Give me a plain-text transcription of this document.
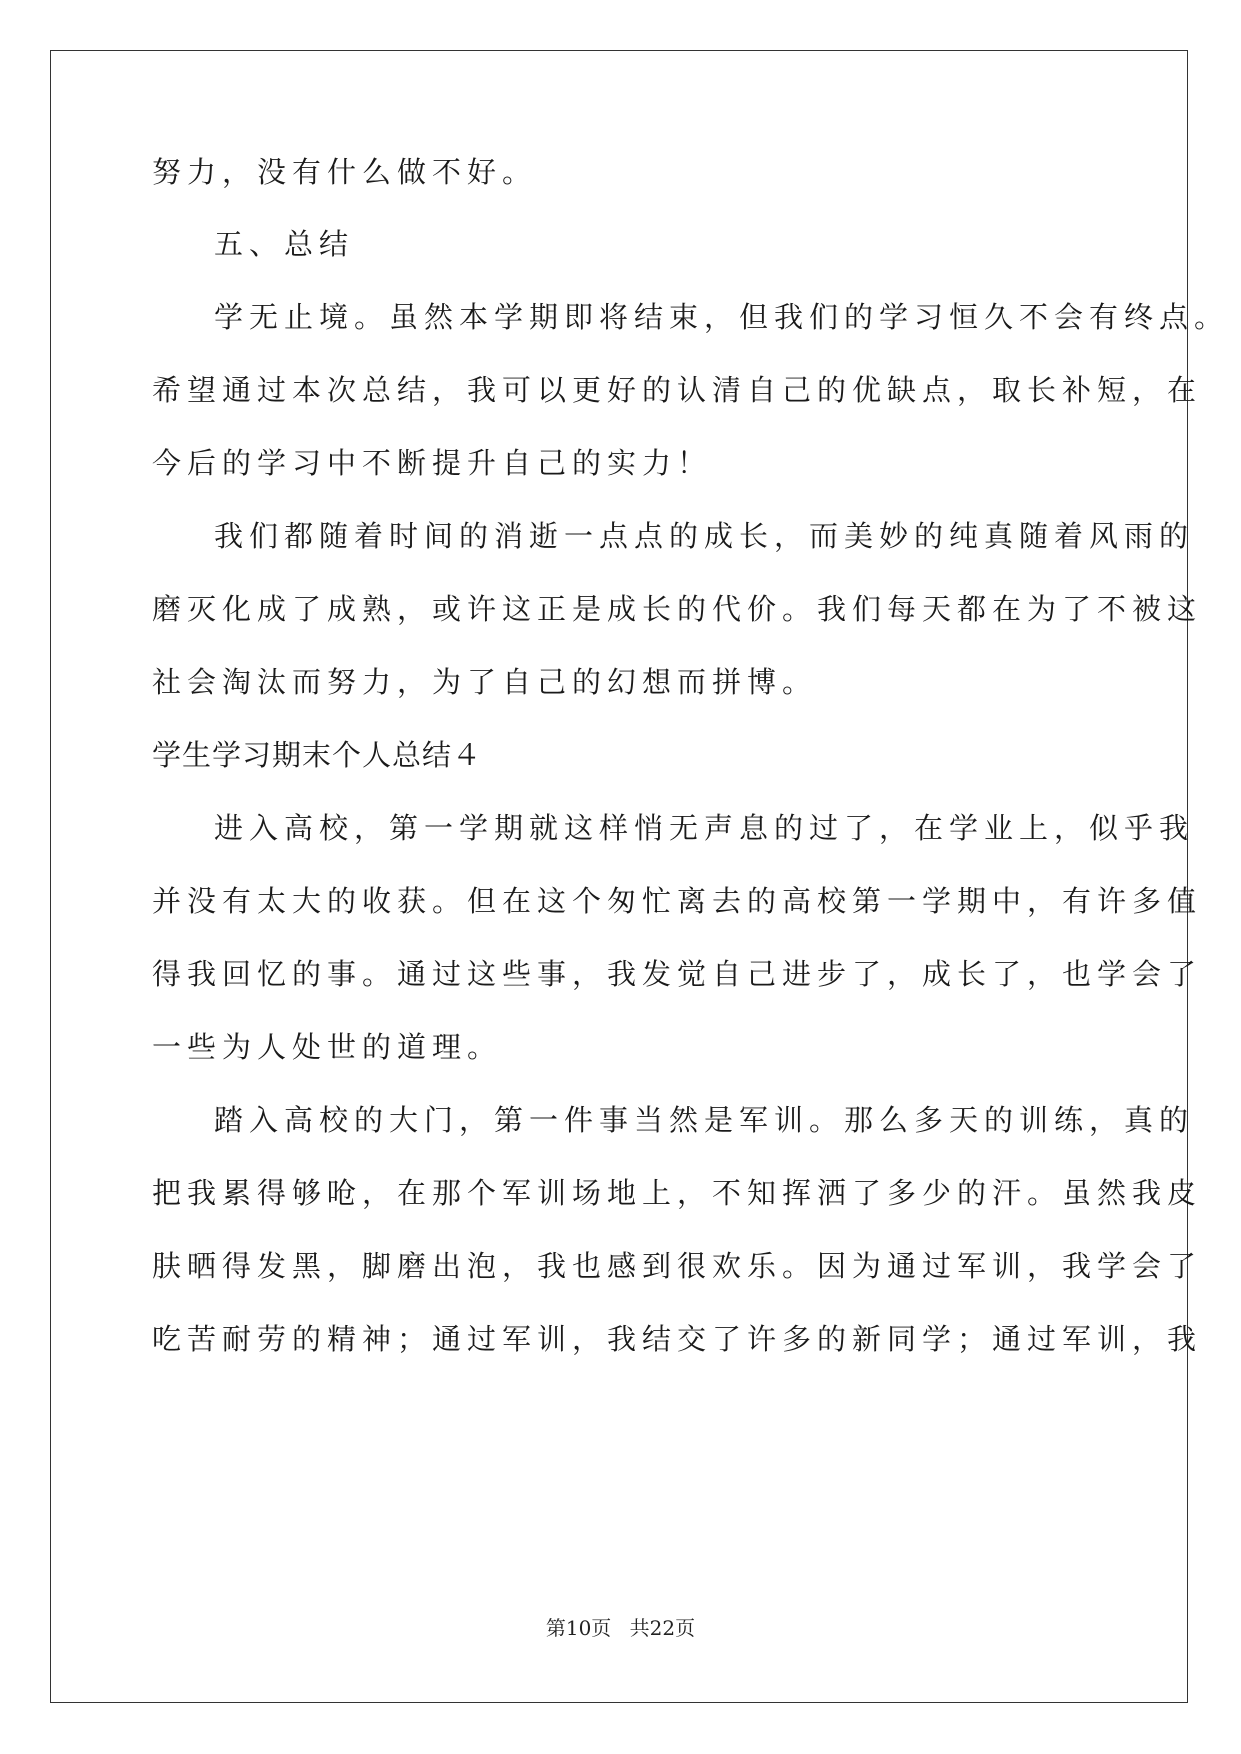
努力，没有什么做不好。
五、总结
学无止境。虽然本学期即将结束，但我们的学习恒久不会有终点。
希望通过本次总结，我可以更好的认清自己的优缺点，取长补短，在
今后的学习中不断提升自己的实力！
我们都随着时间的消逝一点点的成长，而美妙的纯真随着风雨的
磨灭化成了成熟，或许这正是成长的代价。我们每天都在为了不被这
社会淘汰而努力，为了自己的幻想而拼博。
学生学习期末个人总结４
进入高校，第一学期就这样悄无声息的过了，在学业上，似乎我
并没有太大的收获。但在这个匆忙离去的高校第一学期中，有许多值
得我回忆的事。通过这些事，我发觉自己进步了，成长了，也学会了
一些为人处世的道理。
踏入高校的大门，第一件事当然是军训。那么多天的训练，真的
把我累得够呛，在那个军训场地上，不知挥洒了多少的汗。虽然我皮
肤晒得发黑，脚磨出泡，我也感到很欢乐。因为通过军训，我学会了
吃苦耐劳的精神；通过军训，我结交了许多的新同学；通过军训，我
第10页 共22页
